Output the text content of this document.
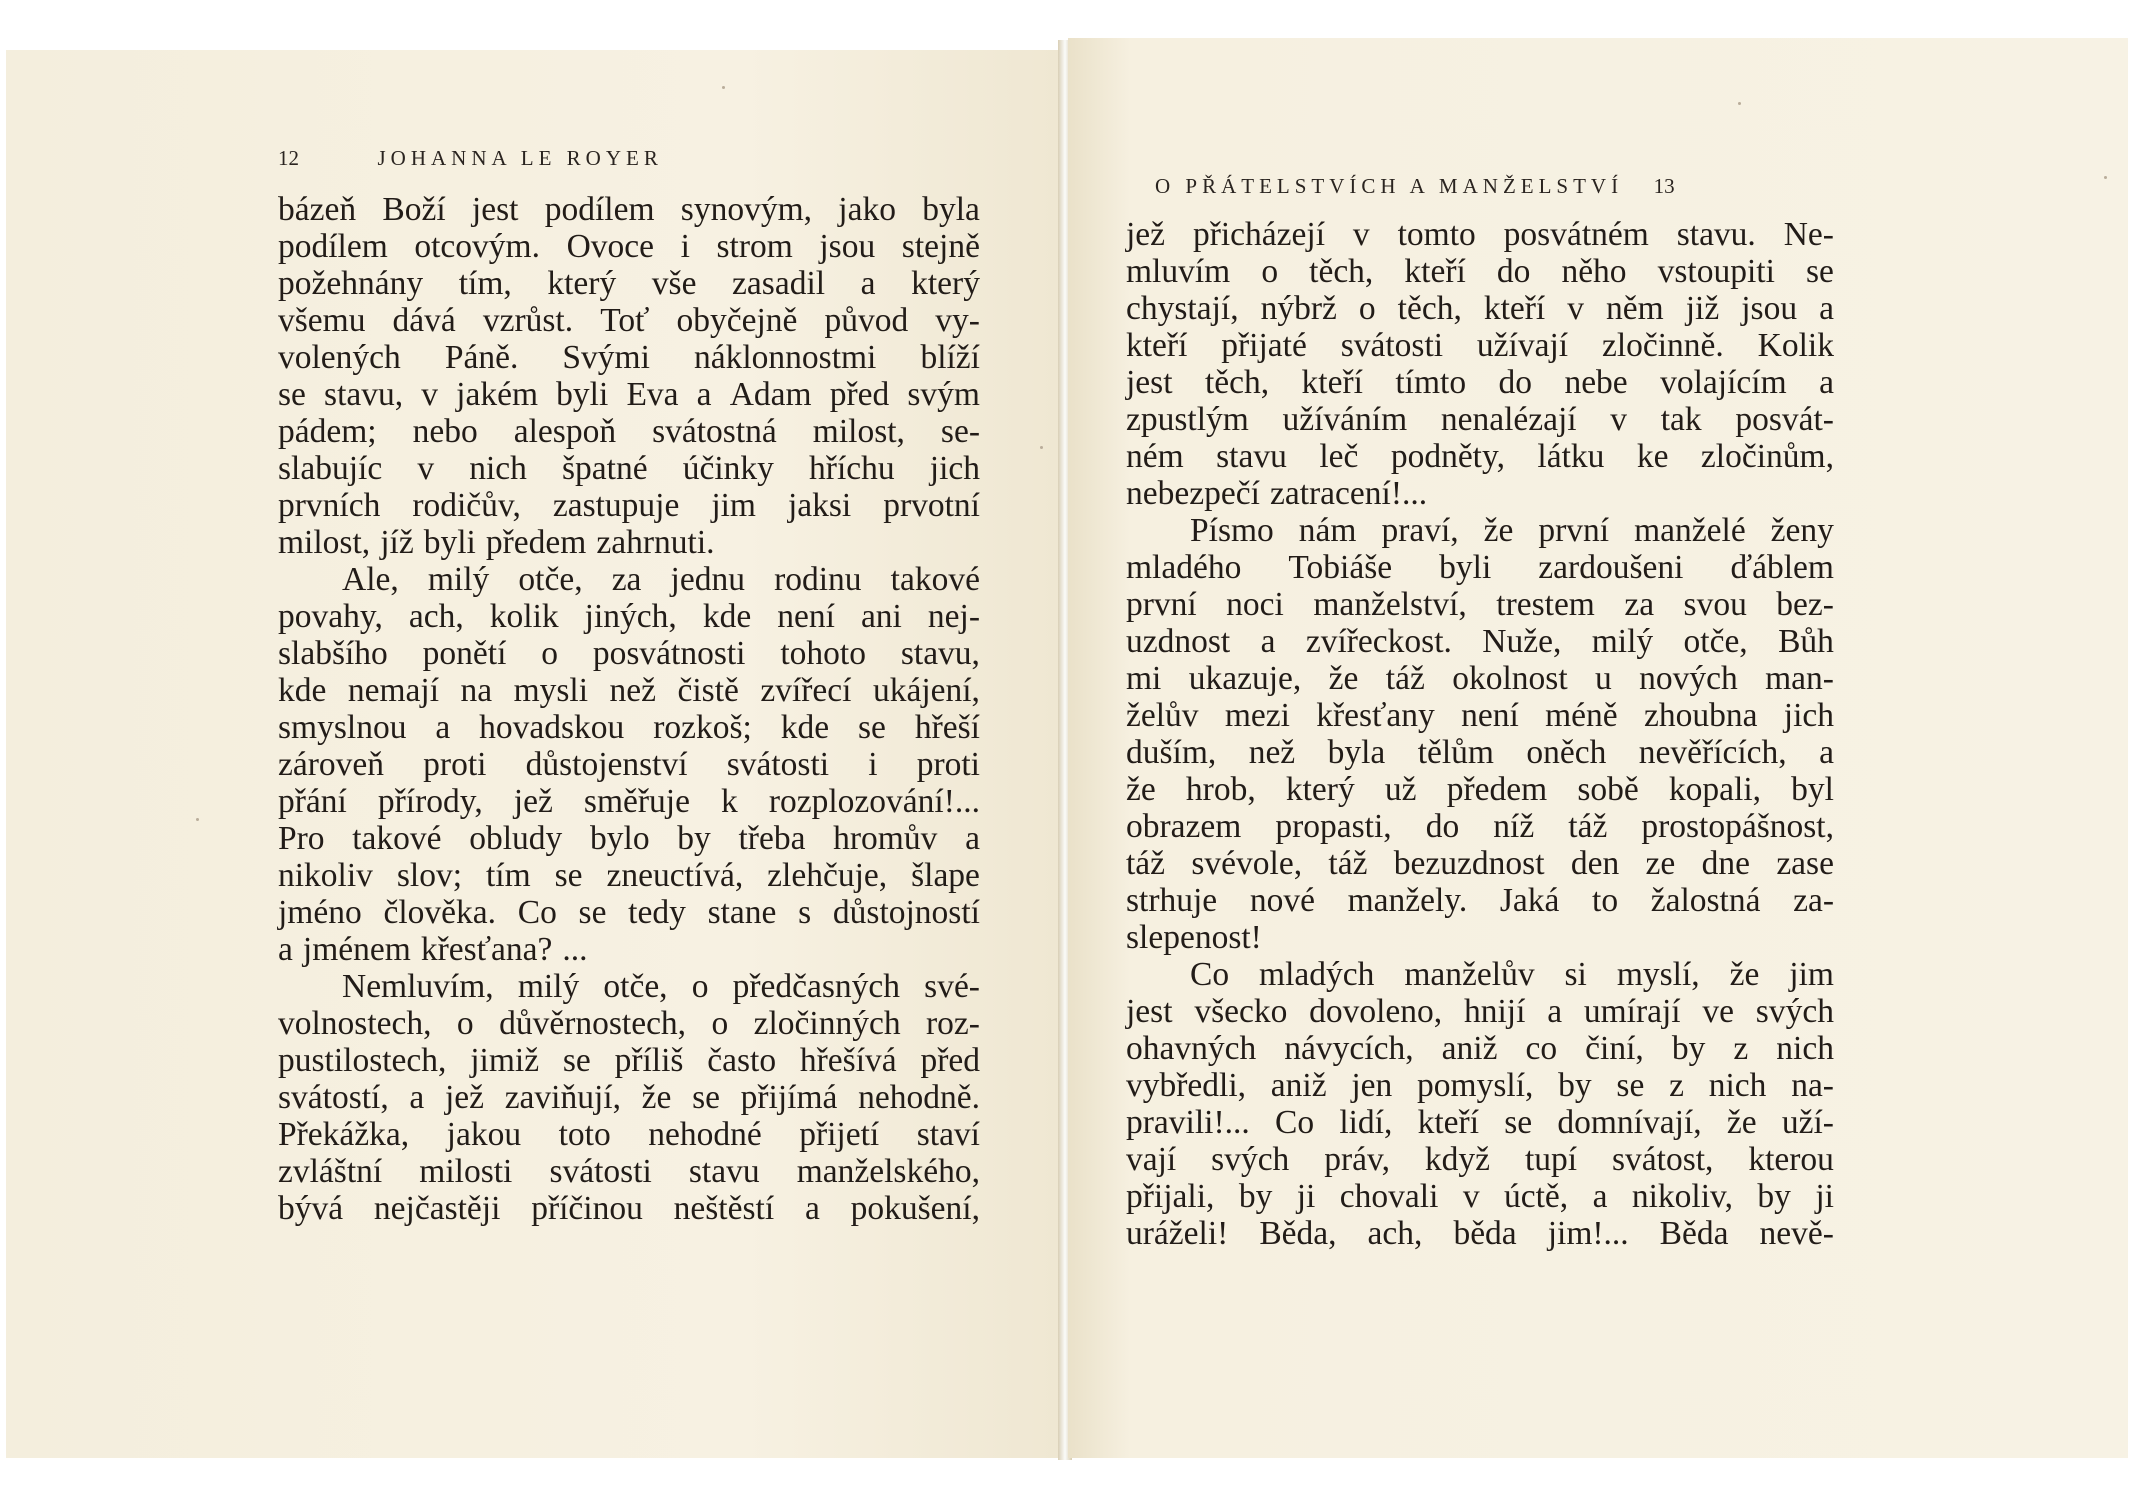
12	JOHANNA LE ROYER
O PŘÁTELSTVÍCH A MANŽELSTVÍ 13
bázeň Boží jest podílem synovým, jako byla
podílem otcovým. Ovoce i strom jsou stejně
požehnány tím, který vše zasadil a který
všemu dává vzrůst. Toť obyčejně původ vy-
volených Páně. Svými náklonnostmi blíží
se stavu, v jakém byli Eva a Adam před svým
pádem; nebo alespoň svátostná milost, se-
slabujíc v nich špatné účinky hříchu jich
prvních rodičův, zastupuje jim jaksi prvotní
milost, jíž byli předem zahrnuti.
Ale, milý otče, za jednu rodinu takové
povahy, ach, kolik jiných, kde není ani nej-
slabšího ponětí o posvátnosti tohoto stavu,
kde nemají na mysli než čistě zvířecí ukájení,
smyslnou a hovadskou rozkoš; kde se hřeší
zároveň proti důstojenství svátosti i proti
přání přírody, jež směřuje k rozplozování!...
Pro takové obludy bylo by třeba hromův a
nikoliv slov; tím se zneuctívá, zlehčuje, šlape
jméno člověka. Co se tedy stane s důstojností
a jménem křesťana? ...
Nemluvím, milý otče, o předčasných své-
volnostech, o důvěrnostech, o zločinných roz-
pustilostech, jimiž se příliš často hřešívá před
svátostí, a jež zaviňují, že se přijímá nehodně.
Překážka, jakou toto nehodné přijetí staví
zvláštní milosti svátosti stavu manželského,
bývá nejčastěji příčinou neštěstí a pokušení,
jež přicházejí v tomto posvátném stavu. Ne-
mluvím o těch, kteří do něho vstoupiti se
chystají, nýbrž o těch, kteří v něm již jsou a
kteří přijaté svátosti užívají zločinně. Kolik
jest těch, kteří tímto do nebe volajícím a
zpustlým užíváním nenalézají v tak posvát-
ném stavu leč podněty, látku ke zločinům,
nebezpečí zatracení!...
Písmo nám praví, že první manželé ženy
mladého Tobiáše byli zardoušeni ďáblem
první noci manželství, trestem za svou bez-
uzdnost a zvířeckost. Nuže, milý otče, Bůh
mi ukazuje, že táž okolnost u nových man-
želův mezi křesťany není méně zhoubna jich
duším, než byla tělům oněch nevěřících, a
že hrob, který už předem sobě kopali, byl
obrazem propasti, do níž táž prostopášnost,
táž svévole, táž bezuzdnost den ze dne zase
strhuje nové manžely. Jaká to žalostná za-
slepenost!
Co mladých manželův si myslí, že jim
jest všecko dovoleno, hnijí a umírají ve svých
ohavných návycích, aniž co činí, by z nich
vybředli, aniž jen pomyslí, by se z nich na-
pravili!... Co lidí, kteří se domnívají, že uží-
vají svých práv, když tupí svátost, kterou
přijali, by ji chovali v úctě, a nikoliv, by ji
uráželi! Běda, ach, běda jim!... Běda nevě-
